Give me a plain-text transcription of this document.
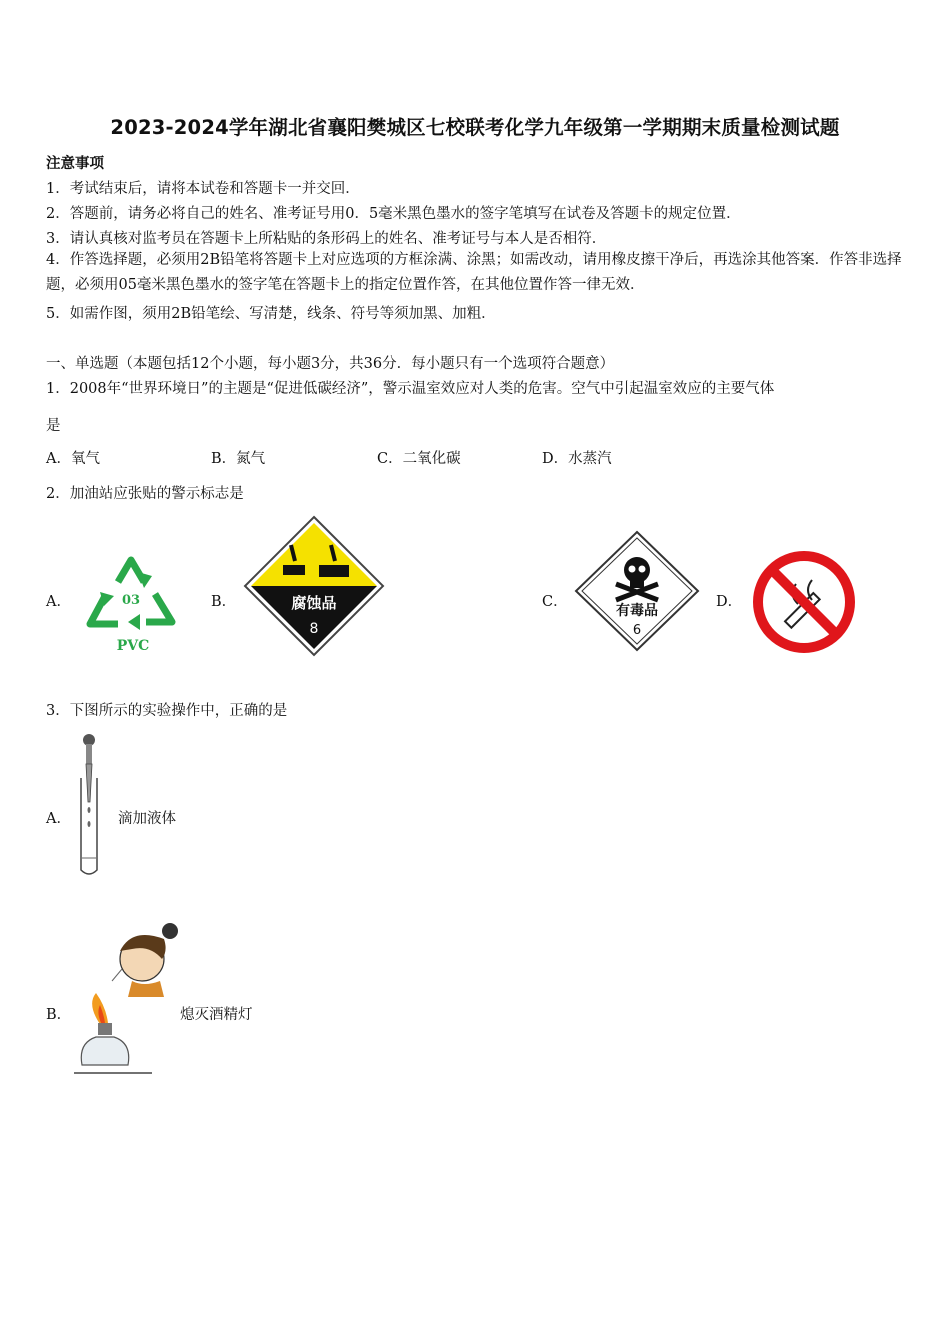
2023-2024学年湖北省襄阳樊城区七校联考化学九年级第一学期期末质量检测试题
注意事项
1．考试结束后，请将本试卷和答题卡一并交回．
2．答题前，请务必将自己的姓名、准考证号用0．5毫米黑色墨水的签字笔填写在试卷及答题卡的规定位置．
3．请认真核对监考员在答题卡上所粘贴的条形码上的姓名、准考证号与本人是否相符．
4．作答选择题，必须用2B铅笔将答题卡上对应选项的方框涂满、涂黑；如需改动，请用橡皮擦干净后，再选涂其他答案．作答非选择题，必须用05毫米黑色墨水的签字笔在答题卡上的指定位置作答，在其他位置作答一律无效．
5．如需作图，须用2B铅笔绘、写清楚，线条、符号等须加黑、加粗．
一、单选题（本题包括12个小题，每小题3分，共36分．每小题只有一个选项符合题意）
1．2008年“世界环境日”的主题是“促进低碳经济”，警示温室效应对人类的危害。空气中引起温室效应的主要气体
是
A．氧气	B．氮气	C．二氧化碳	D．水蒸汽
2．加油站应张贴的警示标志是
A．	03
PVC
B．	腐蚀品
8
C．
有毒品
6
D．
3．下图所示的实验操作中，正确的是
A．	滴加液体
B．	熄灭酒精灯
